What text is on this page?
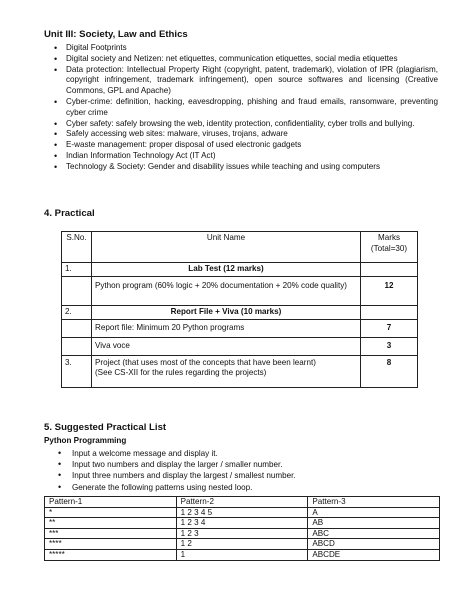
Unit III: Society, Law and Ethics
• Digital Footprints
• Digital society and Netizen: net etiquettes, communication etiquettes, social media etiquettes
• Data protection: Intellectual Property Right (copyright, patent, trademark), violation of IPR (plagiarism, copyright infringement, trademark infringement), open source softwares and licensing (Creative Commons, GPL and Apache)
• Cyber-crime: definition, hacking, eavesdropping, phishing and fraud emails, ransomware, preventing cyber crime
• Cyber safety: safely browsing the web, identity protection, confidentiality, cyber trolls and bullying.
• Safely accessing web sites: malware, viruses, trojans, adware
• E-waste management: proper disposal of used electronic gadgets
• Indian Information Technology Act (IT Act)
• Technology & Society: Gender and disability issues while teaching and using computers
4. Practical
S.No.	Unit Name	Marks
(Total=30)

1.	Lab Test (12 marks)	
	Python program (60% logic + 20% documentation + 20% code quality)	12
2.	Report File + Viva (10 marks)	
	Report file: Minimum 20 Python programs	7
	Viva voce	3
3.	Project (that uses most of the concepts that have been learnt)
(See CS-XII for the rules regarding the projects)	8
5. Suggested Practical List
Python Programming
• Input a welcome message and display it.
• Input two numbers and display the larger / smaller number.
• Input three numbers and display the largest / smallest number.
• Generate the following patterns using nested loop.
Pattern-1	Pattern-2	Pattern-3
*	1 2 3 4 5	A
**	1 2 3 4	AB
***	1 2 3	ABC
****	1 2	ABCD
*****	1	ABCDE
